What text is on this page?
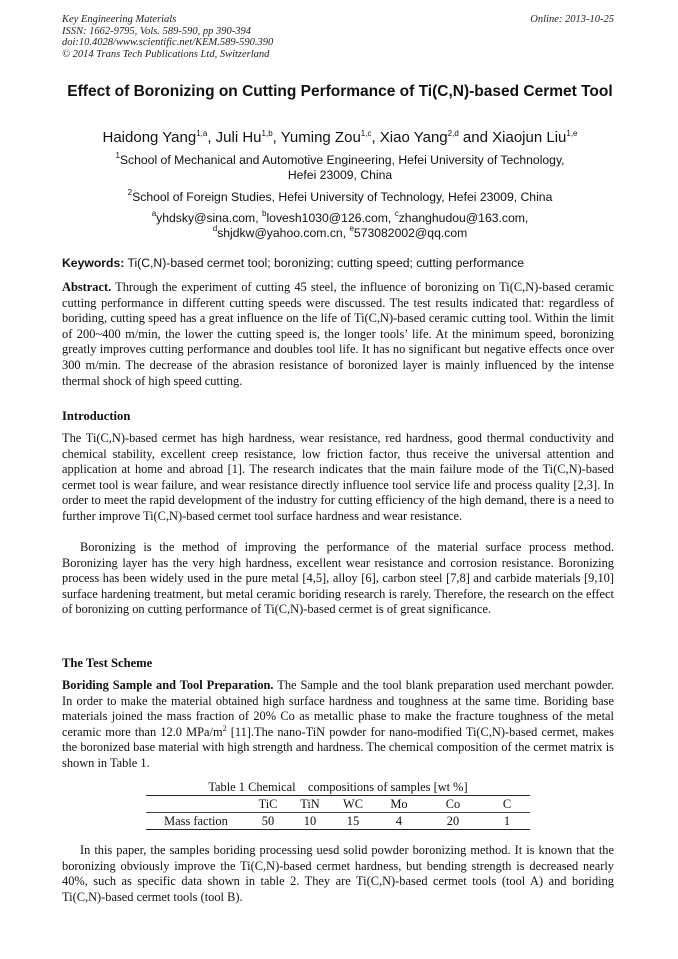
Key Engineering Materials
ISSN: 1662-9795, Vols. 589-590, pp 390-394
doi:10.4028/www.scientific.net/KEM.589-590.390
© 2014 Trans Tech Publications Ltd, Switzerland
Online: 2013-10-25
Effect of Boronizing on Cutting Performance of Ti(C,N)-based Cermet Tool
Haidong Yang$^{1,a}$, Juli Hu$^{1,b}$, Yuming Zou$^{1,c}$, Xiao Yang$^{2,d}$ and Xiaojun Liu$^{1,e}$
$^1$School of Mechanical and Automotive Engineering, Hefei University of Technology,
Hefei 23009, China
$^2$School of Foreign Studies, Hefei University of Technology, Hefei 23009, China
$^a$yhdsky@sina.com, $^b$lovesh1030@126.com, $^c$zhanghudou@163.com,
$^d$shjdkw@yahoo.com.cn, $^e$573082002@qq.com
Keywords: Ti(C,N)-based cermet tool; boronizing; cutting speed; cutting performance
Abstract. Through the experiment of cutting 45 steel, the influence of boronizing on Ti(C,N)-based ceramic cutting performance in different cutting speeds were discussed. The test results indicated that: regardless of boriding, cutting speed has a great influence on the life of Ti(C,N)-based ceramic cutting tool. Within the limit of 200~400 m/min, the lower the cutting speed is, the longer tools’ life. At the minimum speed, boronizing greatly improves cutting performance and doubles tool life. It has no significant but negative effects once over 300 m/min. The decrease of the abrasion resistance of boronized layer is mainly influenced by the intense thermal shock of high speed cutting.
Introduction
The Ti(C,N)-based cermet has high hardness, wear resistance, red hardness, good thermal conductivity and chemical stability, excellent creep resistance, low friction factor, thus receive the universal attention and application at home and abroad [1]. The research indicates that the main failure mode of the Ti(C,N)-based cermet tool is wear failure, and wear resistance directly influence tool service life and process quality [2,3]. In order to meet the rapid development of the industry for cutting efficiency of the high demand, there is a need to further improve Ti(C,N)-based cermet tool surface hardness and wear resistance.
Boronizing is the method of improving the performance of the material surface process method. Boronizing layer has the very high hardness, excellent wear resistance and corrosion resistance. Boronizing process has been widely used in the pure metal [4,5], alloy [6], carbon steel [7,8] and carbide materials [9,10] surface hardening treatment, but metal ceramic boriding research is rarely. Therefore, the research on the effect of boronizing on cutting performance of Ti(C,N)-based cermet is of great significance.
The Test Scheme
Boriding Sample and Tool Preparation. The Sample and the tool blank preparation used merchant powder. In order to make the material obtained high surface hardness and toughness at the same time. Boriding base materials joined the mass fraction of 20% Co as metallic phase to make the fracture toughness of the metal ceramic more than 12.0 MPa/$m^2$ [11].The nano-TiN powder for nano-modified Ti(C,N)-based cermet, makes the boronized base material with high strength and hardness. The chemical composition of the cermet matrix is shown in Table 1.
Table 1 Chemical    compositions of samples [wt %]
	TiC	TiN	WC	Mo	Co	C
Mass faction	50	10	15	4	20	1
In this paper, the samples boriding processing uesd solid powder boronizing method. It is known that the boronizing obviously improve the Ti(C,N)-based cermet hardness, but bending strength is decreased nearly 40%, such as specific data shown in table 2. They are Ti(C,N)-based cermet tools (tool A) and boriding Ti(C,N)-based cermet tools (tool B).
